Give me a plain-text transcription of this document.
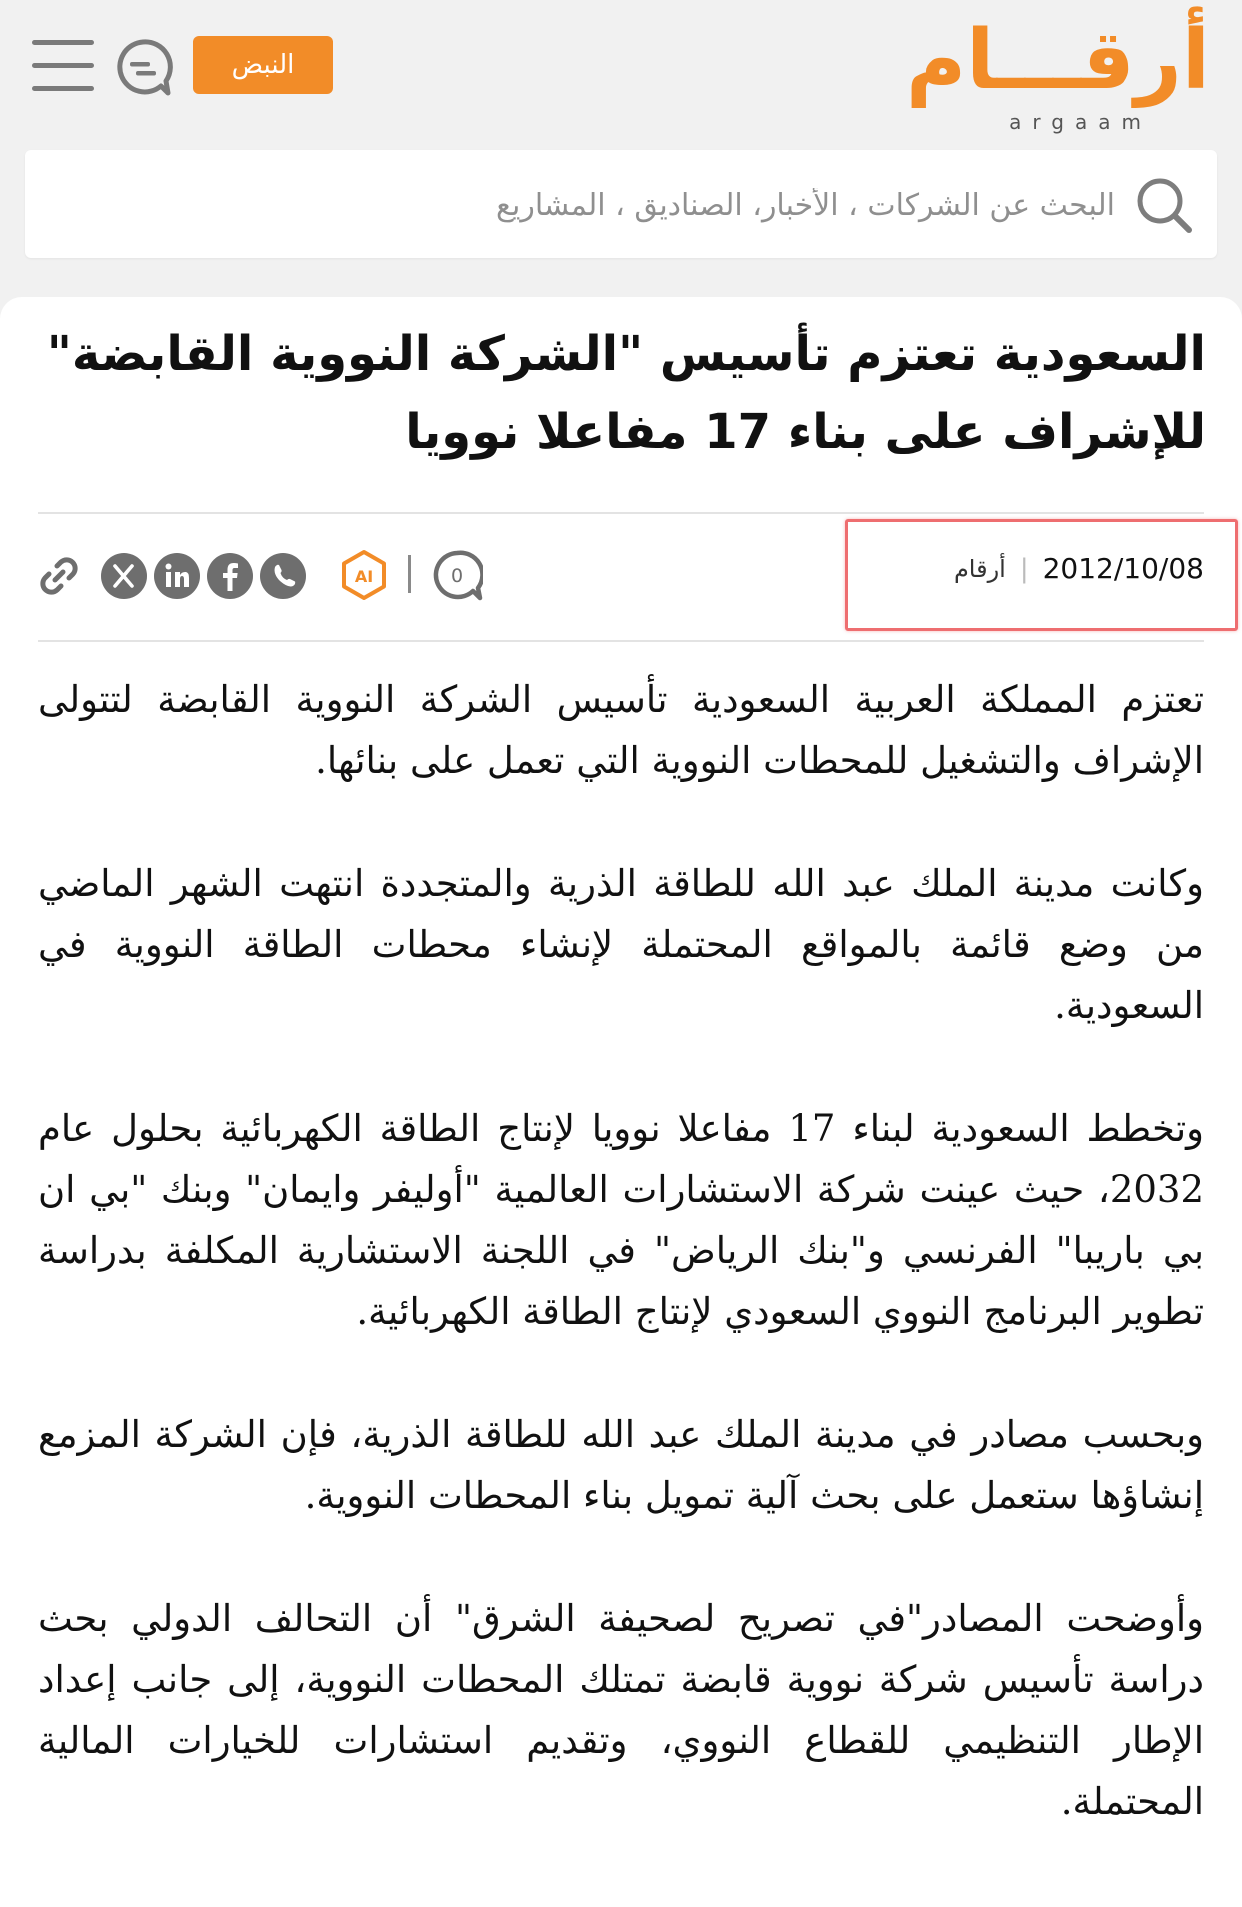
النبض	أرقـــام
argaam
البحث عن الشركات ، الأخبار، الصناديق ، المشاريع
السعودية تعتزم تأسيس "الشركة النووية القابضة" للإشراف على بناء 17 مفاعلا نوويا
2012/10/08
|
أرقام
AI	0

تعتزم المملكة العربية السعودية تأسيس الشركة النووية القابضة لتتولى الإشراف والتشغيل للمحطات النووية التي تعمل على بنائها.

وكانت مدينة الملك عبد الله للطاقة الذرية والمتجددة انتهت الشهر الماضي من وضع قائمة بالمواقع المحتملة لإنشاء محطات الطاقة النووية في السعودية.

وتخطط السعودية لبناء 17 مفاعلا نوويا لإنتاج الطاقة الكهربائية بحلول عام 2032، حيث عينت شركة الاستشارات العالمية "أوليفر وايمان" وبنك "بي ان بي باريبا" الفرنسي و"بنك الرياض" في اللجنة الاستشارية المكلفة بدراسة تطوير البرنامج النووي السعودي لإنتاج الطاقة الكهربائية.

وبحسب مصادر في مدينة الملك عبد الله للطاقة الذرية، فإن الشركة المزمع إنشاؤها ستعمل على بحث آلية تمويل بناء المحطات النووية.

وأوضحت المصادر"في تصريح لصحيفة الشرق" أن التحالف الدولي بحث دراسة تأسيس شركة نووية قابضة تمتلك المحطات النووية، إلى جانب إعداد الإطار التنظيمي للقطاع النووي، وتقديم استشارات للخيارات المالية المحتملة.
